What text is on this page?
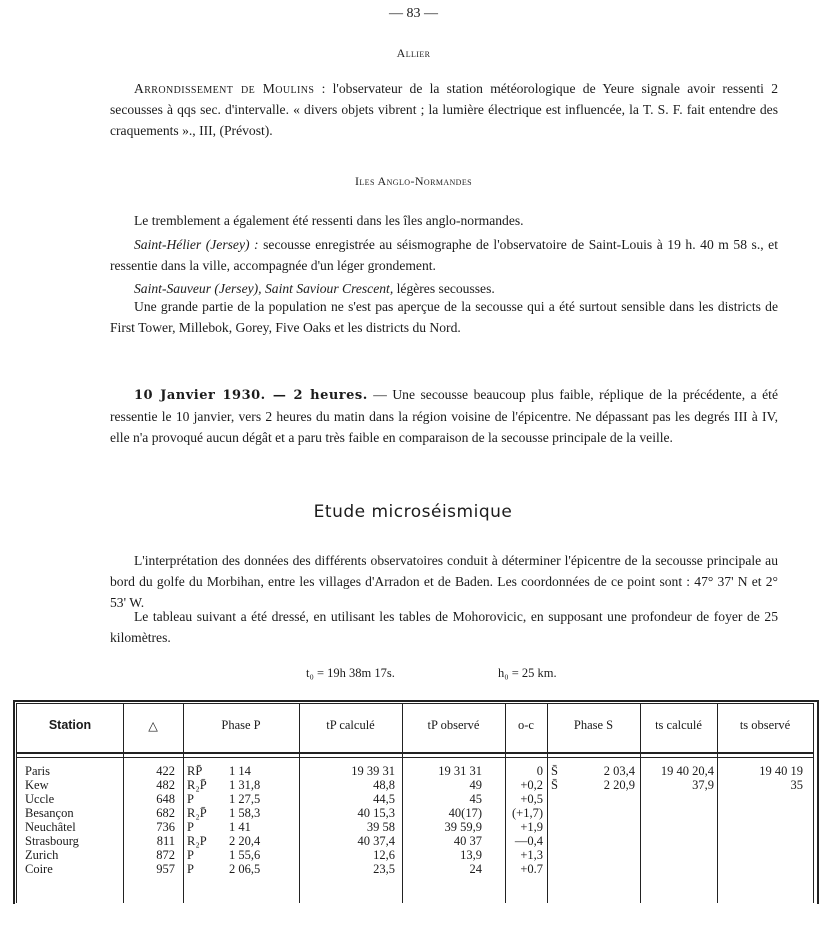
— 83 —
Allier

Arrondissement de Moulins : l'observateur de la station météorologique de Yeure signale avoir ressenti 2 secousses à qqs sec. d'intervalle. « divers objets vibrent ; la lumière électrique est influencée, la T. S. F. fait entendre des craquements »., III, (Prévost).

Iles Anglo-Normandes

Le tremblement a également été ressenti dans les îles anglo-normandes.

Saint-Hélier (Jersey) : secousse enregistrée au séismographe de l'observatoire de Saint-Louis à 19 h. 40 m 58 s., et ressentie dans la ville, accompagnée d'un léger grondement.

Saint-Sauveur (Jersey), Saint Saviour Crescent, légères secousses.

Une grande partie de la population ne s'est pas aperçue de la secousse qui a été surtout sensible dans les districts de First Tower, Millebok, Gorey, Five Oaks et les districts du Nord.

10 Janvier 1930. — 2 heures. — Une secousse beaucoup plus faible, réplique de la précédente, a été ressentie le 10 janvier, vers 2 heures du matin dans la région voisine de l'épicentre. Ne dépassant pas les degrés III à IV, elle n'a provoqué aucun dégât et a paru très faible en comparaison de la secousse principale de la veille.

Etude microséismique

L'interprétation des données des différents observatoires conduit à déterminer l'épicentre de la secousse principale au bord du golfe du Morbihan, entre les villages d'Arradon et de Baden. Les coordonnées de ce point sont : 47° 37' N et 2° 53' W.

Le tableau suivant a été dressé, en utilisant les tables de Mohorovicic, en supposant une profondeur de foyer de 25 kilomètres.

t₀ = 19h 38m 17s.	h₀ = 25 km.
Station	△	Phase P	tP calculé	tP observé	o-c	Phase S	ts calculé	ts observé
Paris	422 RP̄	1 14	19 39 31	19 31 31	0 S̄	2 03,4	19 40 20,4	19 40 19
Kew	482 R₂P̄	1 31,8	48,8	49	+0,2 S̄	2 20,9	37,9	35
Uccle	648 P	1 27,5	44,5	45	+0,5
Besançon	682 R₂P̄	1 58,3	40 15,3	40(17)	(+1,7)
Neuchâtel	736 P	1 41	39 58	39 59,9	+1,9
Strasbourg	811 R₂P	2 20,4	40 37,4	40 37	—0,4
Zurich	872 P	1 55,6	12,6	13,9	+1,3
Coire	957 P	2 06,5	23,5	24	+0.7
